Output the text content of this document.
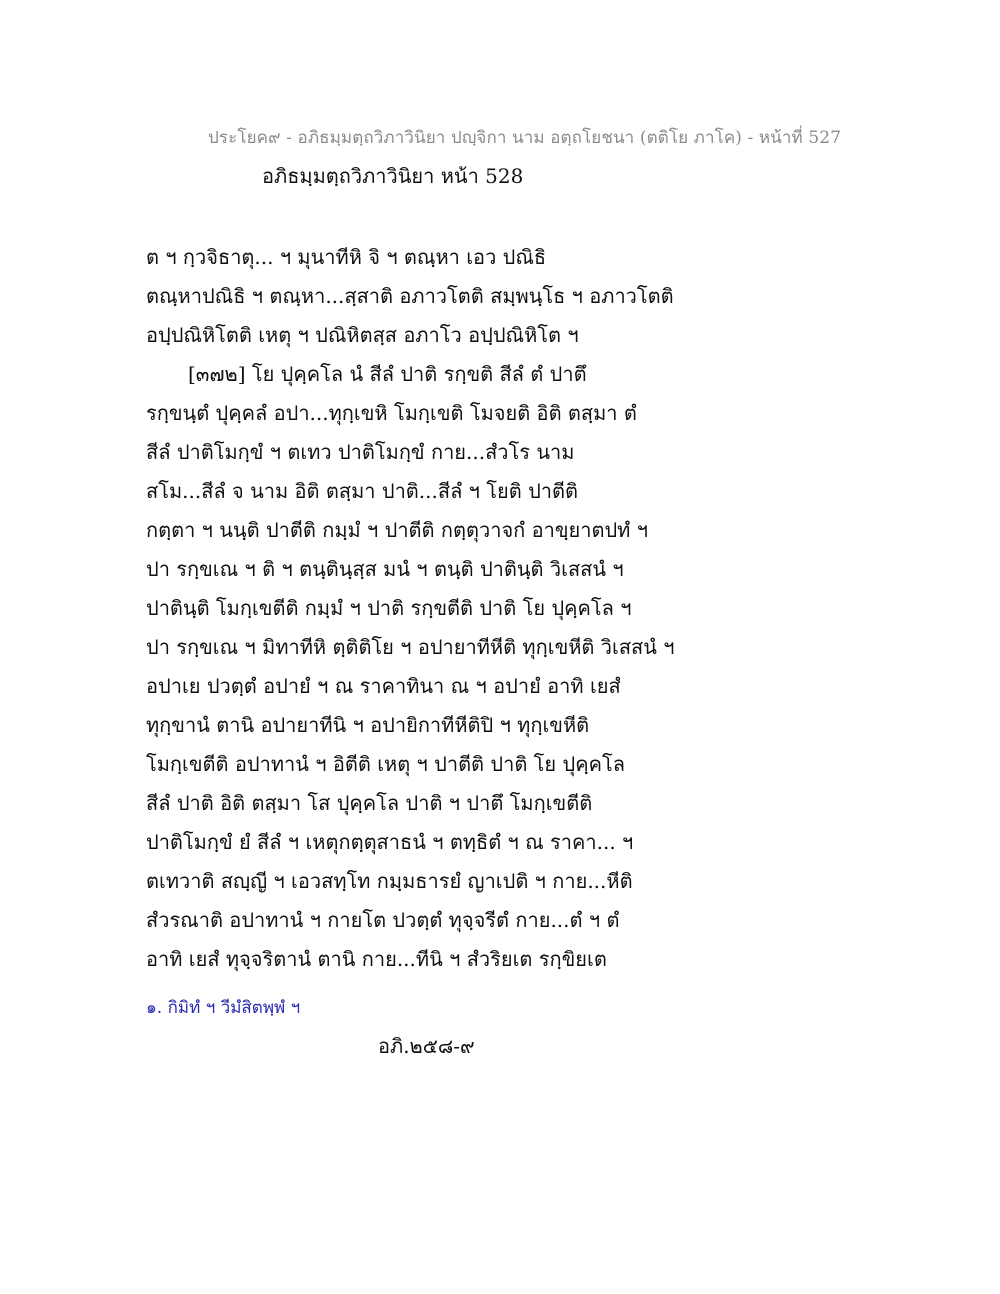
ประโยค๙ - อภิธมฺมตฺถวิภาวินิยา ปญฺจิกา นาม อตฺถโยชนา (ตติโย ภาโค) - หน้าที่ 527
อภิธมฺมตฺถวิภาวินิยา หน้า 528
ต ฯ กฺวจิธาตุ... ฯ มุนาทีหิ จิ ฯ ตณฺหา เอว ปณิธิ
ตณฺหาปณิธิ ฯ ตณฺหา...สฺสาติ อภาวโตติ สมฺพนฺโธ ฯ อภาวโตติ
อปฺปณิหิโตติ เหตุ ฯ ปณิหิตสฺส อภาโว อปฺปณิหิโต ฯ
[๓๗๒] โย ปุคฺคโล นํ สีลํ ปาติ รกฺขติ สีลํ ตํ ปาตึ
รกฺขนฺตํ ปุคฺคลํ อปา...ทุกฺเขหิ โมกฺเขติ โมจยติ อิติ ตสฺมา ตํ
สีลํ ปาติโมกฺขํ ฯ ตเทว ปาติโมกฺขํ กาย...สํวโร นาม
สโม...สีลํ จ นาม อิติ ตสฺมา ปาติ...สีลํ ฯ โยติ ปาตีติ
กตฺตา ฯ นนฺติ ปาตีติ กมฺมํ ฯ ปาตีติ กตฺตุวาจกํ อาขฺยาตปทํ ฯ
ปา รกฺขเณ ฯ ติ ฯ ตนฺตินฺสฺส มนํ ฯ ตนฺติ ปาตินฺติ วิเสสนํ ฯ
ปาตินฺติ โมกฺเขตีติ กมฺมํ ฯ ปาติ รกฺขตีติ ปาติ โย ปุคฺคโล ฯ
ปา รกฺขเณ ฯ มิทาทีหิ ตฺติติโย ฯ อปายาทีหีติ ทุกฺเขหีติ วิเสสนํ ฯ
อปาเย ปวตฺตํ อปายํ ฯ ณ ราคาทินา ณ ฯ อปายํ อาทิ เยสํ
ทุกฺขานํ ตานิ อปายาทีนิ ฯ อปายิกาทีหีติปิ ฯ ทุกฺเขหีติ
โมกฺเขตีติ อปาทานํ ฯ อิตีติ เหตุ ฯ ปาตีติ ปาติ โย ปุคฺคโล
สีลํ ปาติ อิติ ตสฺมา โส ปุคฺคโล ปาติ ฯ ปาตึ โมกฺเขตีติ
ปาติโมกฺขํ ยํ สีลํ ฯ เหตุกตฺตุสาธนํ ฯ ตทฺธิตํ ฯ ณ ราคา... ฯ
ตเทวาติ สญฺญี ฯ เอวสทฺโท กมฺมธารยํ ญาเปติ ฯ กาย...หีติ
สํวรณาติ อปาทานํ ฯ กายโต ปวตฺตํ ทุจฺจรีตํ กาย...ตํ ฯ ตํ
อาทิ เยสํ ทุจฺจริตานํ ตานิ กาย...ทีนิ ฯ สํวริยเต รกฺขิยเต
๑. กิมิทํ ฯ วีมํสิตพฺพํ ฯ
อภิ.๒๕๘-๙
